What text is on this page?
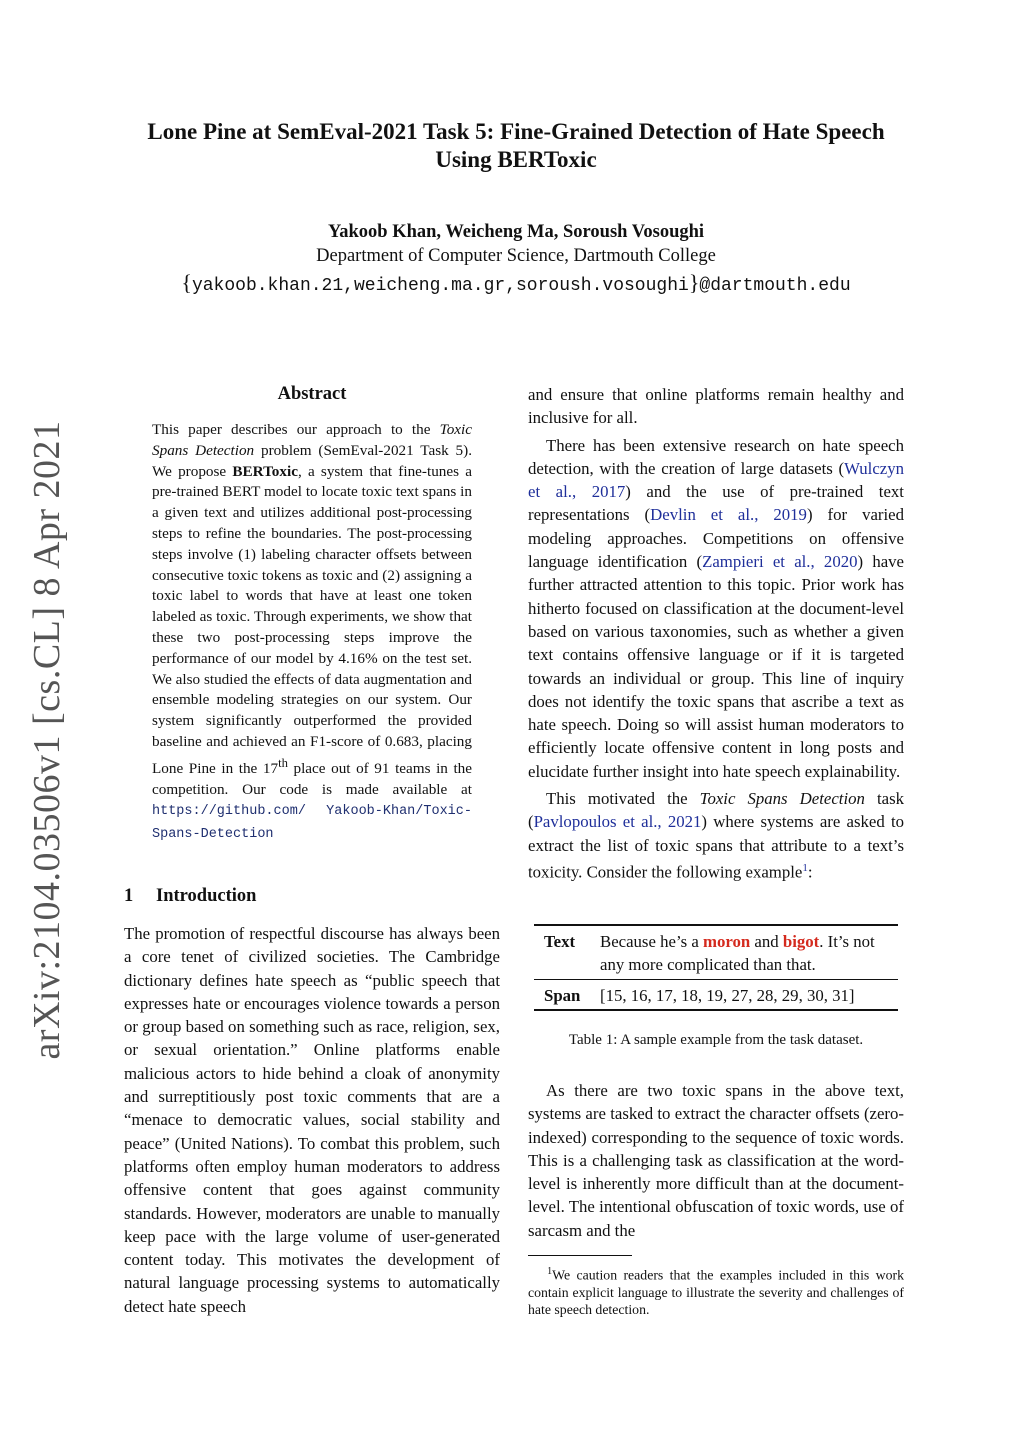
arXiv:2104.03506v1 [cs.CL] 8 Apr 2021
Lone Pine at SemEval-2021 Task 5: Fine-Grained Detection of Hate Speech Using BERToxic
Yakoob Khan, Weicheng Ma, Soroush Vosoughi
Department of Computer Science, Dartmouth College
{yakoob.khan.21,weicheng.ma.gr,soroush.vosoughi}@dartmouth.edu
Abstract
This paper describes our approach to the Toxic Spans Detection problem (SemEval-2021 Task 5). We propose BERToxic, a system that fine-tunes a pre-trained BERT model to locate toxic text spans in a given text and utilizes additional post-processing steps to refine the boundaries. The post-processing steps involve (1) labeling character offsets between consecutive toxic tokens as toxic and (2) assigning a toxic label to words that have at least one token labeled as toxic. Through experiments, we show that these two post-processing steps improve the performance of our model by 4.16% on the test set. We also studied the effects of data augmentation and ensemble modeling strategies on our system. Our system significantly outperformed the provided baseline and achieved an F1-score of 0.683, placing Lone Pine in the 17th place out of 91 teams in the competition. Our code is made available at https://github.com/ Yakoob-Khan/Toxic-Spans-Detection
1 Introduction

The promotion of respectful discourse has always been a core tenet of civilized societies. The Cambridge dictionary defines hate speech as “public speech that expresses hate or encourages violence towards a person or group based on something such as race, religion, sex, or sexual orientation.” Online platforms enable malicious actors to hide behind a cloak of anonymity and surreptitiously post toxic comments that are a “menace to democratic values, social stability and peace” (United Nations). To combat this problem, such platforms often employ human moderators to address offensive content that goes against community standards. However, moderators are unable to manually keep pace with the large volume of user-generated content today. This motivates the development of natural language processing systems to automatically detect hate speech

and ensure that online platforms remain healthy and inclusive for all.

There has been extensive research on hate speech detection, with the creation of large datasets (Wulczyn et al., 2017) and the use of pre-trained text representations (Devlin et al., 2019) for varied modeling approaches. Competitions on offensive language identification (Zampieri et al., 2020) have further attracted attention to this topic. Prior work has hitherto focused on classification at the document-level based on various taxonomies, such as whether a given text contains offensive language or if it is targeted towards an individual or group. This line of inquiry does not identify the toxic spans that ascribe a text as hate speech. Doing so will assist human moderators to efficiently locate offensive content in long posts and elucidate further insight into hate speech explainability.

This motivated the Toxic Spans Detection task (Pavlopoulos et al., 2021) where systems are asked to extract the list of toxic spans that attribute to a text’s toxicity. Consider the following example$^1$:

Text	Because he’s a moron and bigot. It’s not any more complicated than that.
Span	[15, 16, 17, 18, 19, 27, 28, 29, 30, 31]
Table 1: A sample example from the task dataset.

As there are two toxic spans in the above text, systems are tasked to extract the character offsets (zero-indexed) corresponding to the sequence of toxic words. This is a challenging task as classification at the word-level is inherently more difficult than at the document-level. The intentional obfuscation of toxic words, use of sarcasm and the

$^1$We caution readers that the examples included in this work contain explicit language to illustrate the severity and challenges of hate speech detection.
